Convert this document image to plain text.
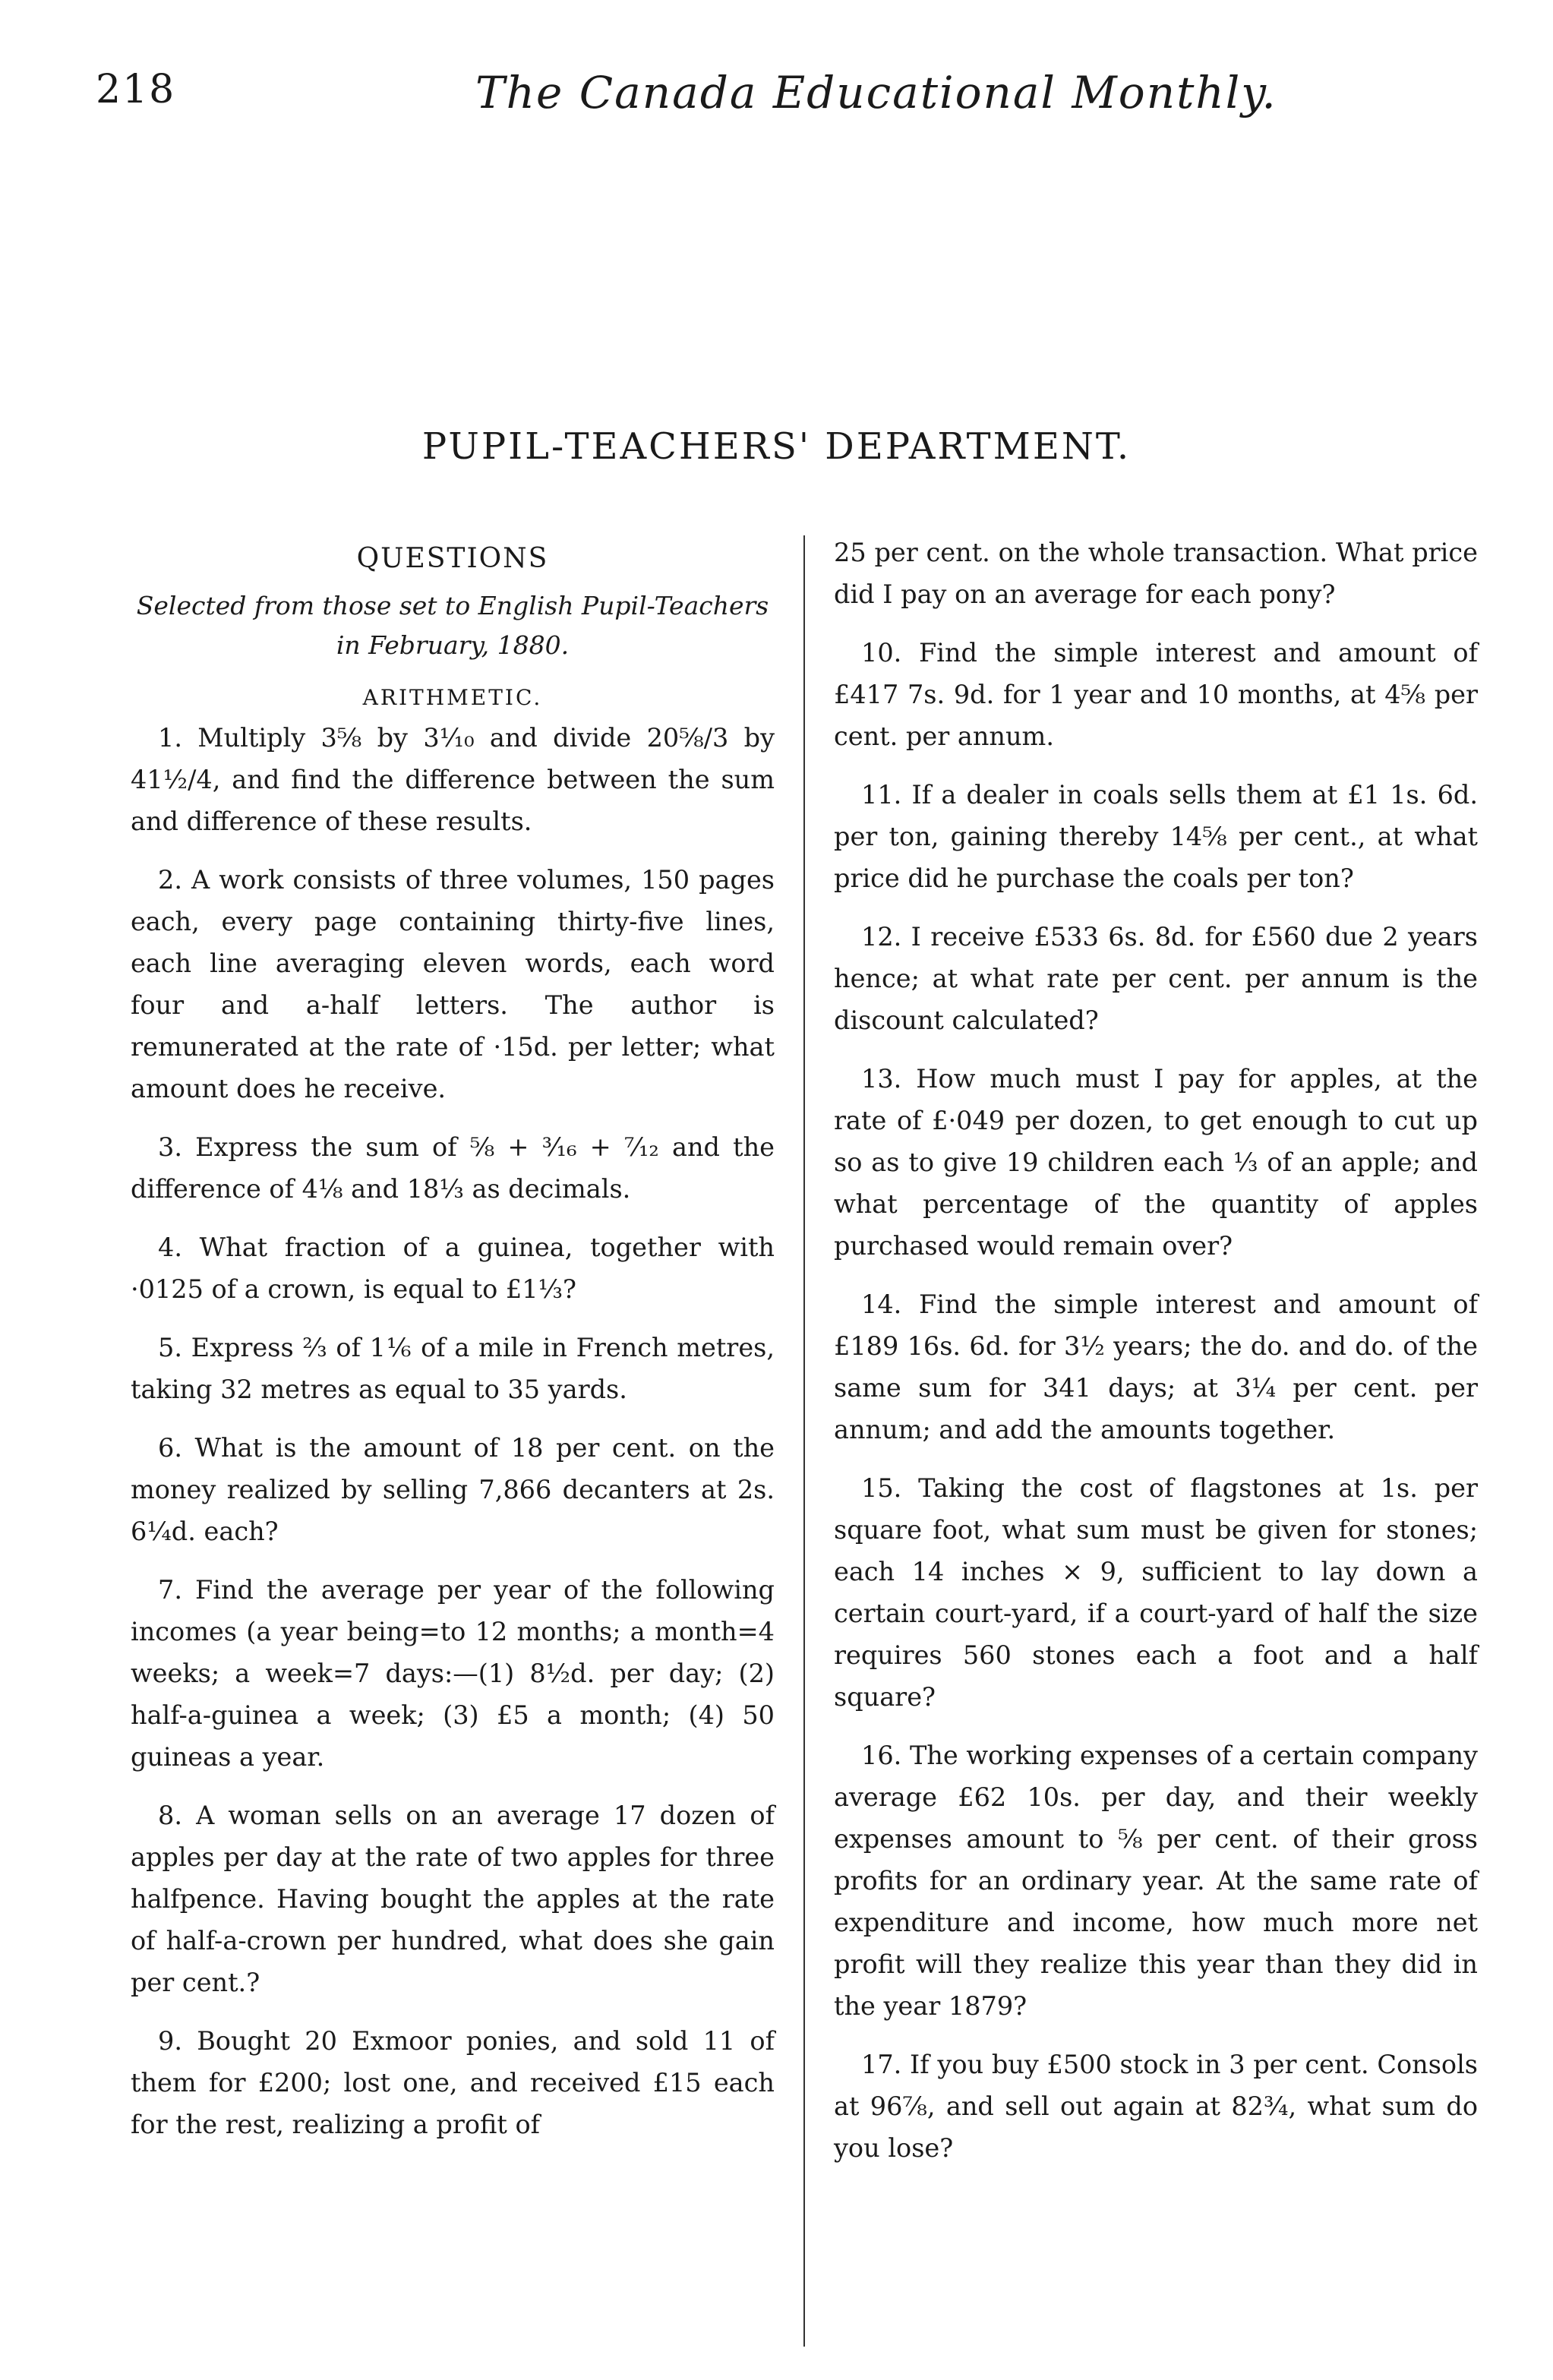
218	The Canada Educational Monthly.
PUPIL-TEACHERS' DEPARTMENT.
QUESTIONS
Selected from those set to English Pupil-Teachers in February, 1880.
ARITHMETIC.

1. Multiply 3⅝ by 3¹⁄₁₀ and divide 20⅝/3 by 41½/4, and find the difference between the sum and difference of these results.

2. A work consists of three volumes, 150 pages each, every page containing thirty-five lines, each line averaging eleven words, each word four and a-half letters. The author is remunerated at the rate of ·15d. per letter; what amount does he receive.

3. Express the sum of ⅝ + ³⁄₁₆ + ⁷⁄₁₂ and the difference of 4⅛ and 18⅓ as decimals.

4. What fraction of a guinea, together with ·0125 of a crown, is equal to £1⅓?

5. Express ⅔ of 1⅙ of a mile in French metres, taking 32 metres as equal to 35 yards.

6. What is the amount of 18 per cent. on the money realized by selling 7,866 decanters at 2s. 6¼d. each?

7. Find the average per year of the following incomes (a year being=to 12 months; a month=4 weeks; a week=7 days:—(1) 8½d. per day; (2) half-a-guinea a week; (3) £5 a month; (4) 50 guineas a year.

8. A woman sells on an average 17 dozen of apples per day at the rate of two apples for three halfpence. Having bought the apples at the rate of half-a-crown per hundred, what does she gain per cent.?

9. Bought 20 Exmoor ponies, and sold 11 of them for £200; lost one, and received £15 each for the rest, realizing a profit of

25 per cent. on the whole transaction. What price did I pay on an average for each pony?

10. Find the simple interest and amount of £417 7s. 9d. for 1 year and 10 months, at 4⅝ per cent. per annum.

11. If a dealer in coals sells them at £1 1s. 6d. per ton, gaining thereby 14⅝ per cent., at what price did he purchase the coals per ton?

12. I receive £533 6s. 8d. for £560 due 2 years hence; at what rate per cent. per annum is the discount calculated?

13. How much must I pay for apples, at the rate of £·049 per dozen, to get enough to cut up so as to give 19 children each ⅓ of an apple; and what percentage of the quantity of apples purchased would remain over?

14. Find the simple interest and amount of £189 16s. 6d. for 3½ years; the do. and do. of the same sum for 341 days; at 3¼ per cent. per annum; and add the amounts together.

15. Taking the cost of flagstones at 1s. per square foot, what sum must be given for stones; each 14 inches × 9, sufficient to lay down a certain court-yard, if a court-yard of half the size requires 560 stones each a foot and a half square?

16. The working expenses of a certain company average £62 10s. per day, and their weekly expenses amount to ⅝ per cent. of their gross profits for an ordinary year. At the same rate of expenditure and income, how much more net profit will they realize this year than they did in the year 1879?

17. If you buy £500 stock in 3 per cent. Consols at 96⅞, and sell out again at 82¾, what sum do you lose?
